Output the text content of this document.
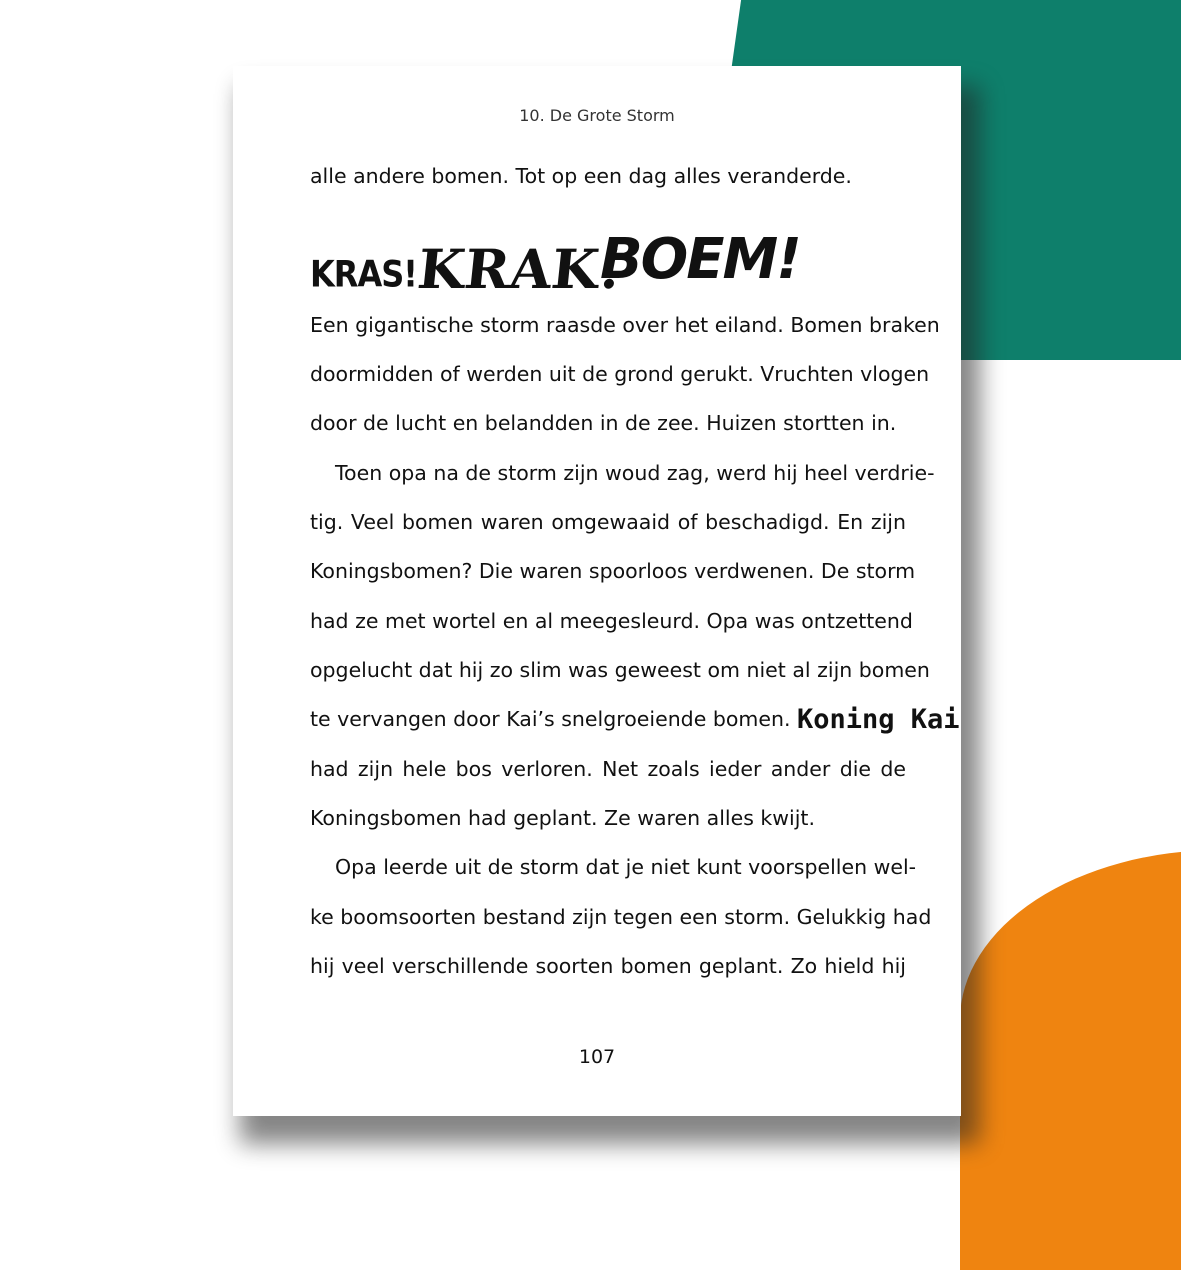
10. De Grote Storm
alle andere bomen. Tot op een dag alles veranderde.
KRAS!
KRAK!
BOEM!
Een gigantische storm raasde over het eiland. Bomen braken
doormidden of werden uit de grond gerukt. Vruchten vlogen
door de lucht en belandden in de zee. Huizen stortten in.
Toen opa na de storm zijn woud zag, werd hij heel verdrie-
tig. Veel bomen waren omgewaaid of beschadigd. En zijn
Koningsbomen? Die waren spoorloos verdwenen. De storm
had ze met wortel en al meegesleurd. Opa was ontzettend
opgelucht dat hij zo slim was geweest om niet al zijn bomen
te vervangen door Kai’s snelgroeiende bomen. Koning Kai
had zijn hele bos verloren. Net zoals ieder ander die de
Koningsbomen had geplant. Ze waren alles kwijt.
Opa leerde uit de storm dat je niet kunt voorspellen wel-
ke boomsoorten bestand zijn tegen een storm. Gelukkig had
hij veel verschillende soorten bomen geplant. Zo hield hij
107
